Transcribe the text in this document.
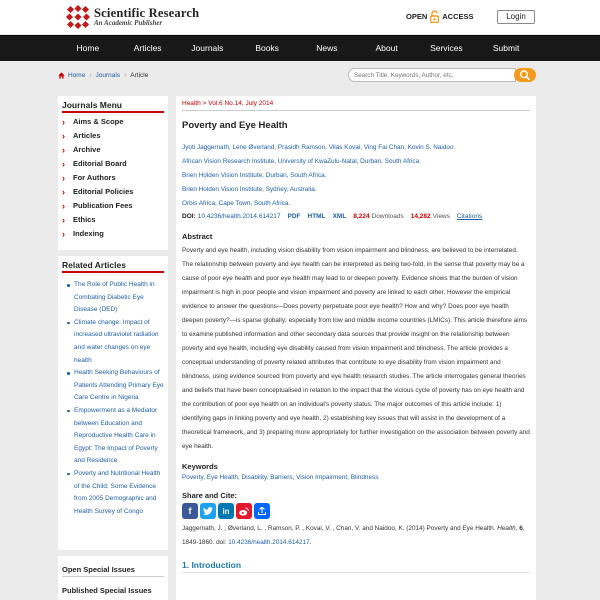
Scientific Research
An Academic Publisher
OPEN ACCESS	Login
Home	Articles	Journals	Books	News	About	Services	Submit
Home › Journals › Article
Search Title, Keywords, Author, etc.
Journals Menu
›	Aims & Scope
›	Articles
›	Archive
›	Editorial Board
›	For Authors
›	Editorial Policies
›	Publication Fees
›	Ethics
›	Indexing
Related Articles
The Role of Public Health in Combating Diabetic Eye Disease (DED)
Climate change: Impact of increased ultraviolet radiation and water changes on eye health
Health Seeking Behaviours of Patients Attending Primary Eye Care Centre in Nigeria
Empowerment as a Mediator between Education and Reproductive Health Care in Egypt: The Impact of Poverty and Residence
Poverty and Nutritional Health of the Child: Some Evidence from 2005 Demographic and Health Survey of Congo
Open Special Issues
Published Special Issues
Health > Vol.6 No.14, July 2014
Poverty and Eye Health
Jyoti Jaggernath, Lene Øverland, Prasidh Ramson, Vilas Kovai, Ving Fai Chan, Kovin S. Naidoo
African Vision Research Institute, University of KwaZulu-Natal, Durban, South Africa.
Brien Holden Vision Institute, Durban, South Africa.
Brien Holden Vision Institute, Sydney, Australia.
Orbis Africa, Cape Town, South Africa.
DOI: 10.4236/health.2014.614217 PDF HTML XML 8,224 Downloads 14,282 Views Citations
Abstract
Poverty and eye health, including vision disability from vision impairment and blindness, are believed to be interrelated. The relationship between poverty and eye health can be interpreted as being two-fold, in the sense that poverty may be a cause of poor eye health and poor eye health may lead to or deepen poverty. Evidence shows that the burden of vision impairment is high in poor people and vision impairment and poverty are linked to each other. However the empirical evidence to answer the questions—Does poverty perpetuate poor eye health? How and why? Does poor eye health deepen poverty?—is sparse globally; especially from low and middle income countries (LMICs). This article therefore aims to examine published information and other secondary data sources that provide insight on the relationship between poverty and eye health, including eye disability caused from vision impairment and blindness. The article provides a conceptual understanding of poverty related attributes that contribute to eye disability from vision impairment and blindness, using evidence sourced from poverty and eye health research studies. The article interrogates general theories and beliefs that have been conceptualised in relation to the impact that the vicious cycle of poverty has on eye health and the contribution of poor eye health on an individual's poverty status. The major outcomes of this article include: 1) identifying gaps in linking poverty and eye health, 2) establishing key issues that will assist in the development of a theoretical framework, and 3) preparing more appropriately for further investigation on the association between poverty and eye health.
Keywords
Poverty, Eye Health, Disability, Barriers, Vision Impairment, Blindness
Share and Cite:
f	in
Jaggernath, J. , Øverland, L. , Ramson, P. , Kovai, V. , Chan, V. and Naidoo, K. (2014) Poverty and Eye Health. Health, 6, 1849-1860. doi: 10.4236/health.2014.614217.
1. Introduction
